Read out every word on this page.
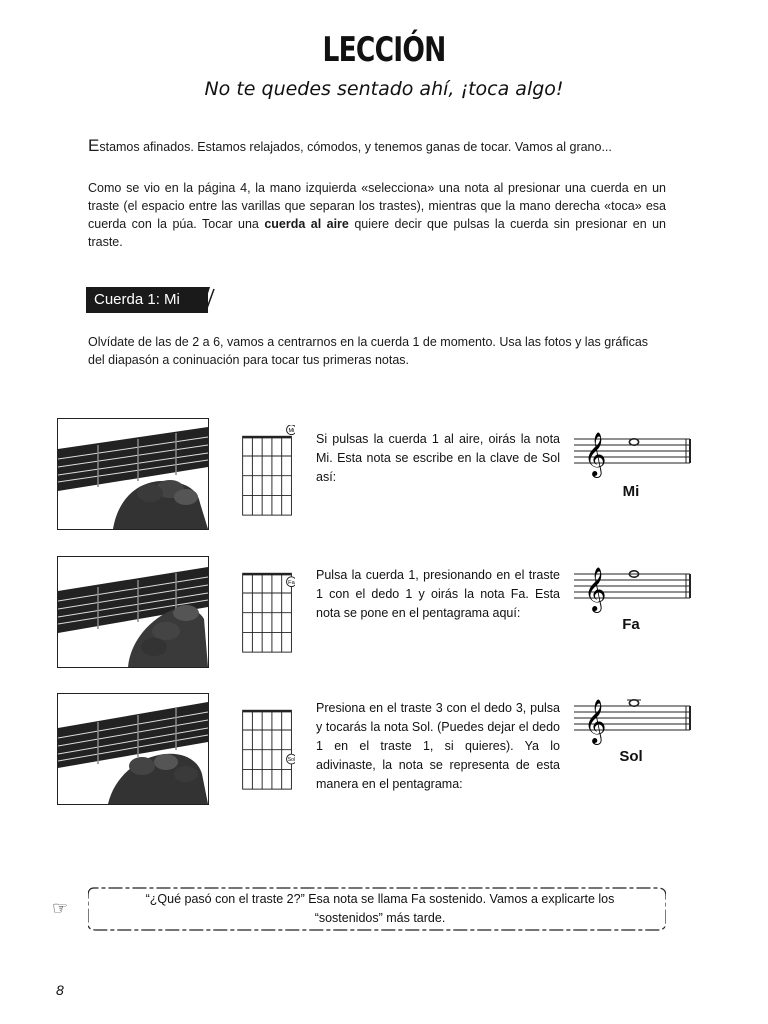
LECCIÓN
No te quedes sentado ahí, ¡toca algo!
Estamos afinados. Estamos relajados, cómodos, y tenemos ganas de tocar. Vamos al grano...
Como se vio en la página 4, la mano izquierda «selecciona» una nota al presionar una cuerda en un traste (el espacio entre las varillas que separan los trastes), mientras que la mano derecha «toca» esa cuerda con la púa. Tocar una cuerda al aire quiere decir que pulsas la cuerda sin presionar en un traste.
Cuerda 1: Mi
Olvídate de las de 2 a 6, vamos a centrarnos en la cuerda 1 de momento. Usa las fotos y las gráficas del diapasón a coninuación para tocar tus primeras notas.
Mi
Si pulsas la cuerda 1 al aire, oirás la nota Mi. Esta nota se escribe en la clave de Sol así:
𝄞
Mi
Fa
Pulsa la cuerda 1, presionando en el traste 1 con el dedo 1 y oirás la nota Fa. Esta nota se pone en el pentagrama aquí:
𝄞
Fa
Sol
Presiona en el traste 3 con el dedo 3, pulsa y tocarás la nota Sol. (Puedes dejar el dedo 1 en el traste 1, si quieres). Ya lo adivinaste, la nota se representa de esta manera en el pentagrama:
𝄞
Sol
☞	“¿Qué pasó con el traste 2?” Esa nota se llama Fa sostenido. Vamos a explicarte los
“sostenidos” más tarde.
8
